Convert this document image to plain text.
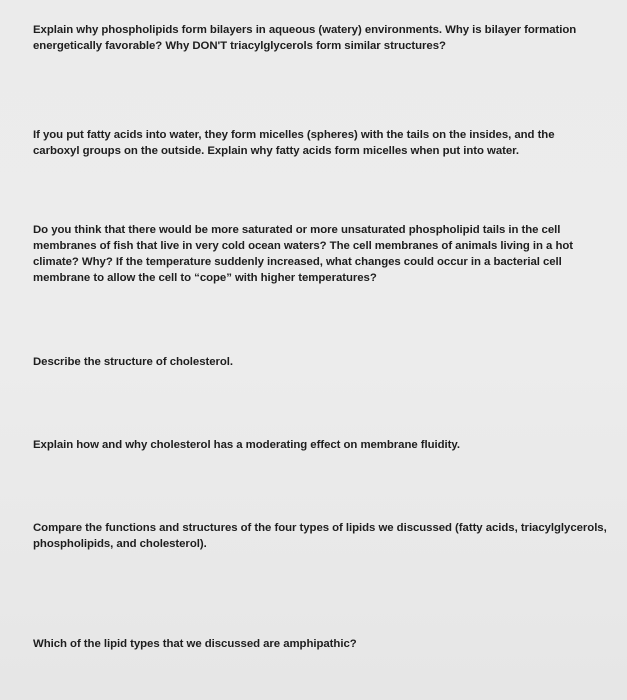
Explain why phospholipids form bilayers in aqueous (watery) environments. Why is bilayer formation energetically favorable? Why DON'T triacylglycerols form similar structures?

If you put fatty acids into water, they form micelles (spheres) with the tails on the insides, and the carboxyl groups on the outside. Explain why fatty acids form micelles when put into water.

Do you think that there would be more saturated or more unsaturated phospholipid tails in the cell membranes of fish that live in very cold ocean waters? The cell membranes of animals living in a hot climate? Why? If the temperature suddenly increased, what changes could occur in a bacterial cell membrane to allow the cell to “cope” with higher temperatures?

Describe the structure of cholesterol.

Explain how and why cholesterol has a moderating effect on membrane fluidity.

Compare the functions and structures of the four types of lipids we discussed (fatty acids, triacylglycerols, phospholipids, and cholesterol).

Which of the lipid types that we discussed are amphipathic?
